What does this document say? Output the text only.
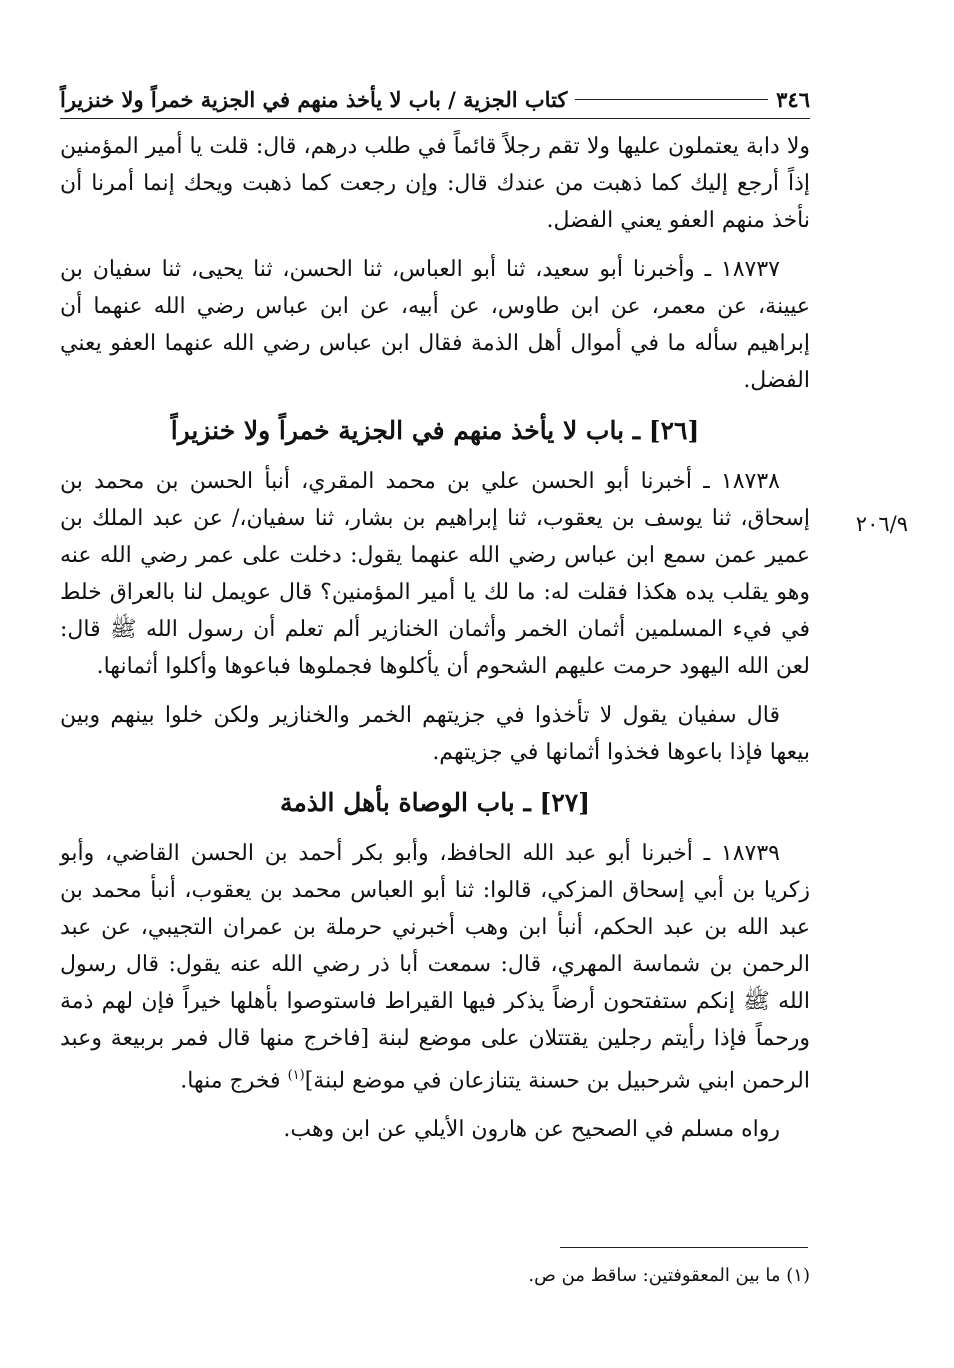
٣٤٦
كتاب الجزية / باب لا يأخذ منهم في الجزية خمراً ولا خنزيراً
٢٠٦/٩

ولا دابة يعتملون عليها ولا تقم رجلاً قائماً في طلب درهم، قال: قلت يا أمير المؤمنين إذاً أرجع إليك كما ذهبت من عندك قال: وإن رجعت كما ذهبت ويحك إنما أمرنا أن نأخذ منهم العفو يعني الفضل.

١٨٧٣٧ ـ وأخبرنا أبو سعيد، ثنا أبو العباس، ثنا الحسن، ثنا يحيى، ثنا سفيان بن عيينة، عن معمر، عن ابن طاوس، عن أبيه، عن ابن عباس رضي الله عنهما أن إبراهيم سأله ما في أموال أهل الذمة فقال ابن عباس رضي الله عنهما العفو يعني الفضل.

[٢٦] ـ باب لا يأخذ منهم في الجزية خمراً ولا خنزيراً

١٨٧٣٨ ـ أخبرنا أبو الحسن علي بن محمد المقري، أنبأ الحسن بن محمد بن إسحاق، ثنا يوسف بن يعقوب، ثنا إبراهيم بن بشار، ثنا سفيان،/ عن عبد الملك بن عمير عمن سمع ابن عباس رضي الله عنهما يقول: دخلت على عمر رضي الله عنه وهو يقلب يده هكذا فقلت له: ما لك يا أمير المؤمنين؟ قال عويمل لنا بالعراق خلط في فيء المسلمين أثمان الخمر وأثمان الخنازير ألم تعلم أن رسول الله ﷺ قال: لعن الله اليهود حرمت عليهم الشحوم أن يأكلوها فجملوها فباعوها وأكلوا أثمانها.

قال سفيان يقول لا تأخذوا في جزيتهم الخمر والخنازير ولكن خلوا بينهم وبين بيعها فإذا باعوها فخذوا أثمانها في جزيتهم.

[٢٧] ـ باب الوصاة بأهل الذمة

١٨٧٣٩ ـ أخبرنا أبو عبد الله الحافظ، وأبو بكر أحمد بن الحسن القاضي، وأبو زكريا بن أبي إسحاق المزكي، قالوا: ثنا أبو العباس محمد بن يعقوب، أنبأ محمد بن عبد الله بن عبد الحكم، أنبأ ابن وهب أخبرني حرملة بن عمران التجيبي، عن عبد الرحمن بن شماسة المهري، قال: سمعت أبا ذر رضي الله عنه يقول: قال رسول الله ﷺ إنكم ستفتحون أرضاً يذكر فيها القيراط فاستوصوا بأهلها خيراً فإن لهم ذمة ورحماً فإذا رأيتم رجلين يقتتلان على موضع لبنة [فاخرج منها قال فمر بربيعة وعبد الرحمن ابني شرحبيل بن حسنة يتنازعان في موضع لبنة]$^{(١)}$ فخرج منها.

رواه مسلم في الصحيح عن هارون الأيلي عن ابن وهب.

(١) ما بين المعقوفتين: ساقط من ص.
